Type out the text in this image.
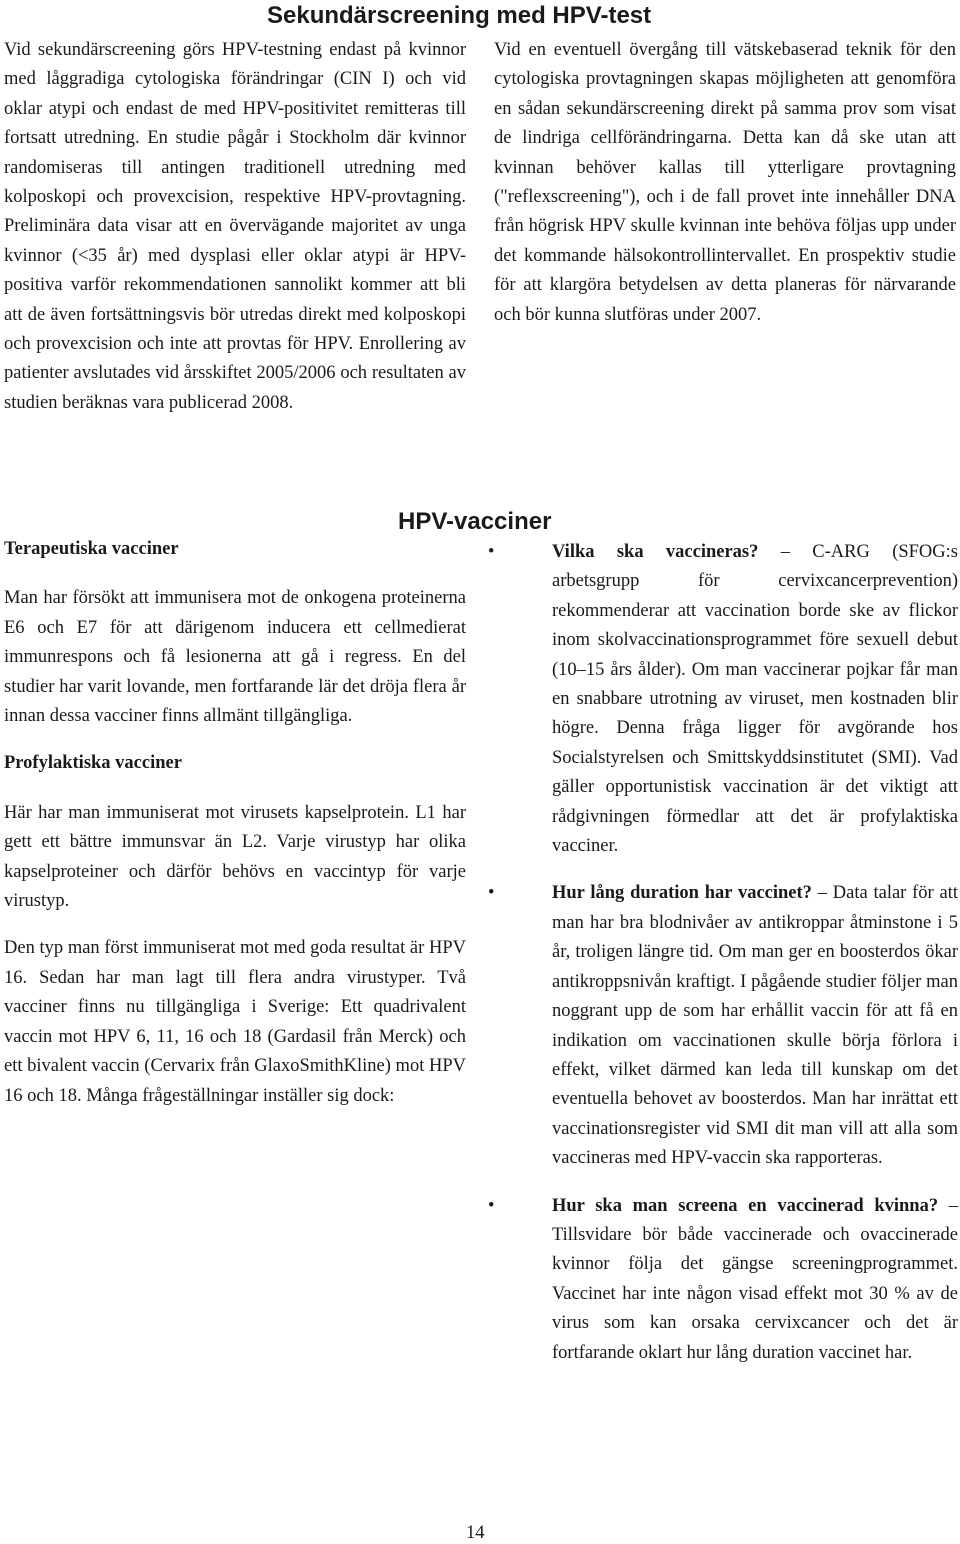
Sekundärscreening med HPV-test

Vid sekundärscreening görs HPV-testning endast på kvinnor med låggradiga cytologiska förändringar (CIN I) och vid oklar atypi och endast de med HPV-positivitet remitteras till fortsatt utredning. En studie pågår i Stockholm där kvinnor randomiseras till antingen traditionell utredning med kolposkopi och provexcision, respektive HPV-provtagning. Preliminära data visar att en övervägande majoritet av unga kvinnor (<35 år) med dysplasi eller oklar atypi är HPV-positiva varför rekommendationen sannolikt kommer att bli att de även fortsättningsvis bör utredas direkt med kolposkopi och provexcision och inte att provtas för HPV. Enrollering av patienter avslutades vid årsskiftet 2005/2006 och resultaten av studien beräknas vara publicerad 2008.

Vid en eventuell övergång till vätskebaserad teknik för den cytologiska provtagningen skapas möjligheten att genomföra en sådan sekundärscreening direkt på samma prov som visat de lindriga cellförändringarna. Detta kan då ske utan att kvinnan behöver kallas till ytterligare provtagning ("reflexscreening"), och i de fall provet inte innehåller DNA från högrisk HPV skulle kvinnan inte behöva följas upp under det kommande hälsokontrollintervallet. En prospektiv studie för att klargöra betydelsen av detta planeras för närvarande och bör kunna slutföras under 2007.

HPV-vacciner

Terapeutiska vacciner

Man har försökt att immunisera mot de onkogena proteinerna E6 och E7 för att därigenom inducera ett cellmedierat immunrespons och få lesionerna att gå i regress. En del studier har varit lovande, men fortfarande lär det dröja flera år innan dessa vacciner finns allmänt tillgängliga.

Profylaktiska vacciner

Här har man immuniserat mot virusets kapselprotein. L1 har gett ett bättre immunsvar än L2. Varje virustyp har olika kapselproteiner och därför behövs en vaccintyp för varje virustyp.

Den typ man först immuniserat mot med goda resultat är HPV 16. Sedan har man lagt till flera andra virustyper. Två vacciner finns nu tillgängliga i Sverige: Ett quadrivalent vaccin mot HPV 6, 11, 16 och 18 (Gardasil från Merck) och ett bivalent vaccin (Cervarix från GlaxoSmithKline) mot HPV 16 och 18. Många frågeställningar inställer sig dock:

•	Vilka ska vaccineras? – C-ARG (SFOG:s arbetsgrupp för cervixcancerprevention) rekommenderar att vaccination borde ske av flickor inom skolvaccinationsprogrammet före sexuell debut (10–15 års ålder). Om man vaccinerar pojkar får man en snabbare utrotning av viruset, men kostnaden blir högre. Denna fråga ligger för avgörande hos Socialstyrelsen och Smittskyddsinstitutet (SMI). Vad gäller opportunistisk vaccination är det viktigt att rådgivningen förmedlar att det är profylaktiska vacciner.

•	Hur lång duration har vaccinet? – Data talar för att man har bra blodnivåer av antikroppar åtminstone i 5 år, troligen längre tid. Om man ger en boosterdos ökar antikroppsnivån kraftigt. I pågående studier följer man noggrant upp de som har erhållit vaccin för att få en indikation om vaccinationen skulle börja förlora i effekt, vilket därmed kan leda till kunskap om det eventuella behovet av boosterdos. Man har inrättat ett vaccinationsregister vid SMI dit man vill att alla som vaccineras med HPV-vaccin ska rapporteras.

•	Hur ska man screena en vaccinerad kvinna? – Tillsvidare bör både vaccinerade och ovaccinerade kvinnor följa det gängse screeningprogrammet. Vaccinet har inte någon visad effekt mot 30 % av de virus som kan orsaka cervixcancer och det är fortfarande oklart hur lång duration vaccinet har.

14
